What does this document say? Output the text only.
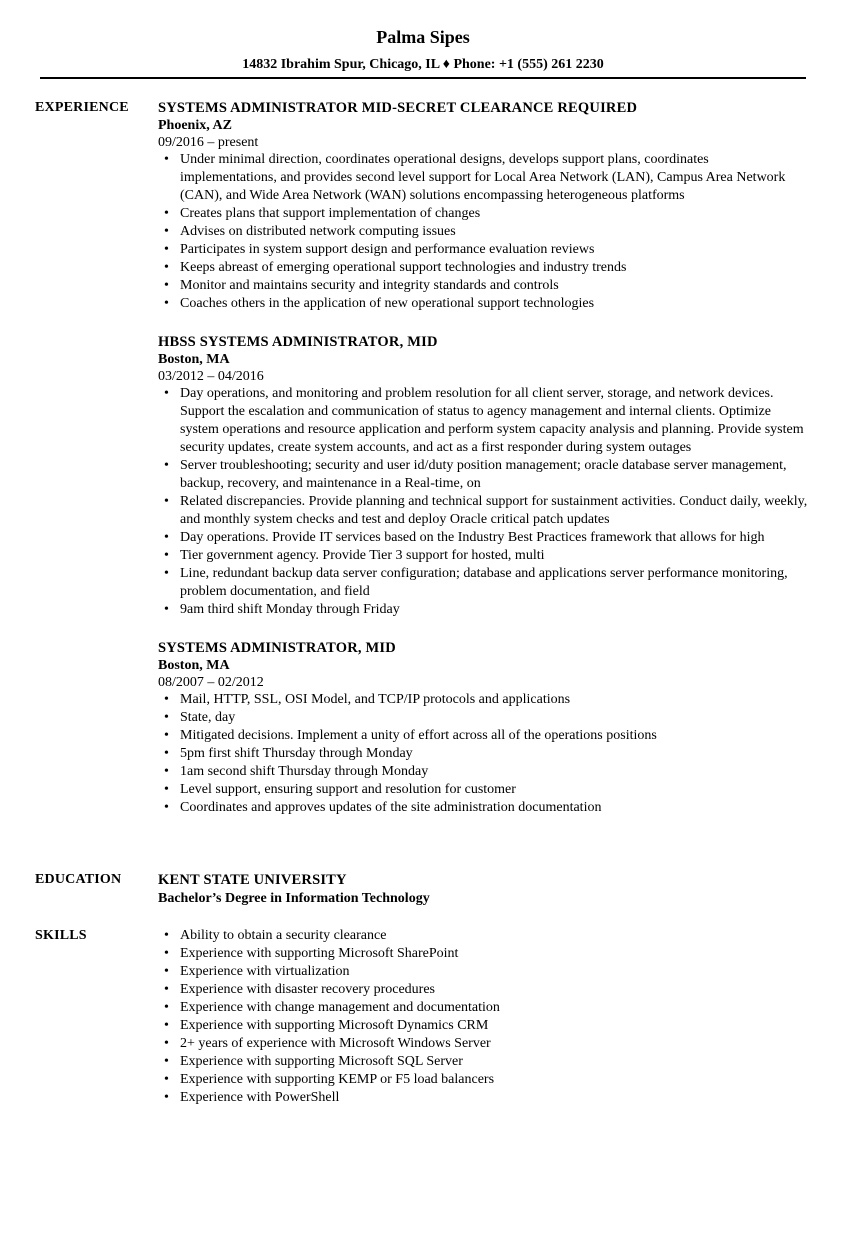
Palma Sipes
14832 Ibrahim Spur, Chicago, IL ♦ Phone: +1 (555) 261 2230
EXPERIENCE	SYSTEMS ADMINISTRATOR MID-SECRET CLEARANCE REQUIRED
Phoenix, AZ
09/2016 – present
• Under minimal direction, coordinates operational designs, develops support plans, coordinates implementations, and provides second level support for Local Area Network (LAN), Campus Area Network (CAN), and Wide Area Network (WAN) solutions encompassing heterogeneous platforms
• Creates plans that support implementation of changes
• Advises on distributed network computing issues
• Participates in system support design and performance evaluation reviews
• Keeps abreast of emerging operational support technologies and industry trends
• Monitor and maintains security and integrity standards and controls
• Coaches others in the application of new operational support technologies
HBSS SYSTEMS ADMINISTRATOR, MID
Boston, MA
03/2012 – 04/2016
• Day operations, and monitoring and problem resolution for all client server, storage, and network devices. Support the escalation and communication of status to agency management and internal clients. Optimize system operations and resource application and perform system capacity analysis and planning. Provide system security updates, create system accounts, and act as a first responder during system outages
• Server troubleshooting; security and user id/duty position management; oracle database server management, backup, recovery, and maintenance in a Real-time, on
• Related discrepancies. Provide planning and technical support for sustainment activities. Conduct daily, weekly, and monthly system checks and test and deploy Oracle critical patch updates
• Day operations. Provide IT services based on the Industry Best Practices framework that allows for high
• Tier government agency. Provide Tier 3 support for hosted, multi
• Line, redundant backup data server configuration; database and applications server performance monitoring, problem documentation, and field
• 9am third shift Monday through Friday
SYSTEMS ADMINISTRATOR, MID
Boston, MA
08/2007 – 02/2012
• Mail, HTTP, SSL, OSI Model, and TCP/IP protocols and applications
• State, day
• Mitigated decisions. Implement a unity of effort across all of the operations positions
• 5pm first shift Thursday through Monday
• 1am second shift Thursday through Monday
• Level support, ensuring support and resolution for customer
• Coordinates and approves updates of the site administration documentation
EDUCATION	KENT STATE UNIVERSITY
Bachelor’s Degree in Information Technology
SKILLS
•	Ability to obtain a security clearance
• Experience with supporting Microsoft SharePoint
• Experience with virtualization
• Experience with disaster recovery procedures
• Experience with change management and documentation
• Experience with supporting Microsoft Dynamics CRM
• 2+ years of experience with Microsoft Windows Server
• Experience with supporting Microsoft SQL Server
• Experience with supporting KEMP or F5 load balancers
• Experience with PowerShell
